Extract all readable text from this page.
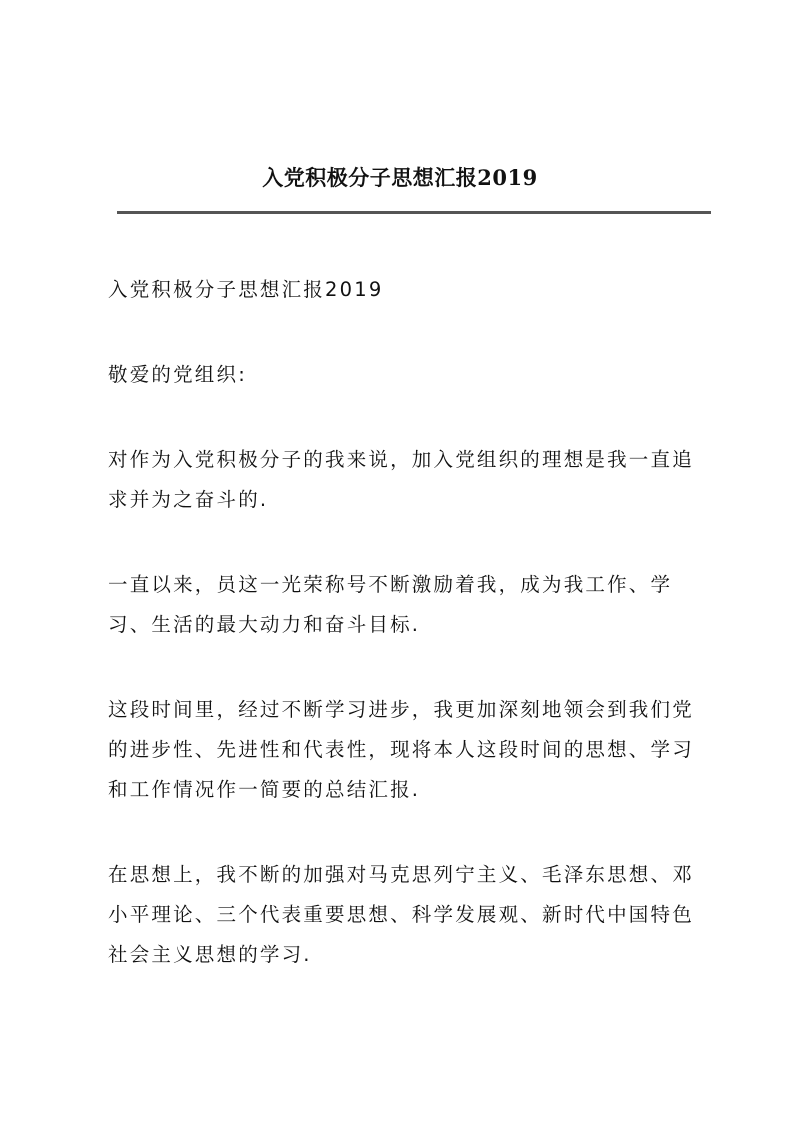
入党积极分子思想汇报2019

入党积极分子思想汇报2019

敬爱的党组织:

对作为入党积极分子的我来说，加入党组织的理想是我一直追求并为之奋斗的.

一直以来，员这一光荣称号不断激励着我，成为我工作、学习、生活的最大动力和奋斗目标.

这段时间里，经过不断学习进步，我更加深刻地领会到我们党的进步性、先进性和代表性，现将本人这段时间的思想、学习和工作情况作一简要的总结汇报.

在思想上，我不断的加强对马克思列宁主义、毛泽东思想、邓小平理论、三个代表重要思想、科学发展观、新时代中国特色社会主义思想的学习.
